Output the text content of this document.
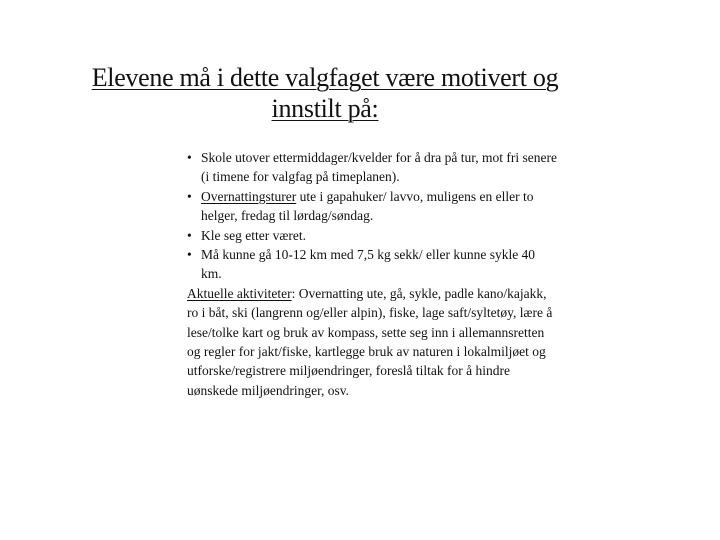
Elevene må i dette valgfaget være motivert og
innstilt på:
• Skole utover ettermiddager/kvelder for å dra på tur, mot fri senere (i timene for valgfag på timeplanen).
• Overnattingsturer ute i gapahuker/ lavvo, muligens en eller to helger, fredag til lørdag/søndag.
• Kle seg etter været.
• Må kunne gå 10-12 km med 7,5 kg sekk/ eller kunne sykle 40 km.

Aktuelle aktiviteter: Overnatting ute, gå, sykle, padle kano/kajakk, ro i båt, ski (langrenn og/eller alpin), fiske, lage saft/syltetøy, lære å lese/tolke kart og bruk av kompass, sette seg inn i allemannsretten og regler for jakt/fiske, kartlegge bruk av naturen i lokalmiljøet og utforske/registrere miljøendringer, foreslå tiltak for å hindre uønskede miljøendringer, osv.
